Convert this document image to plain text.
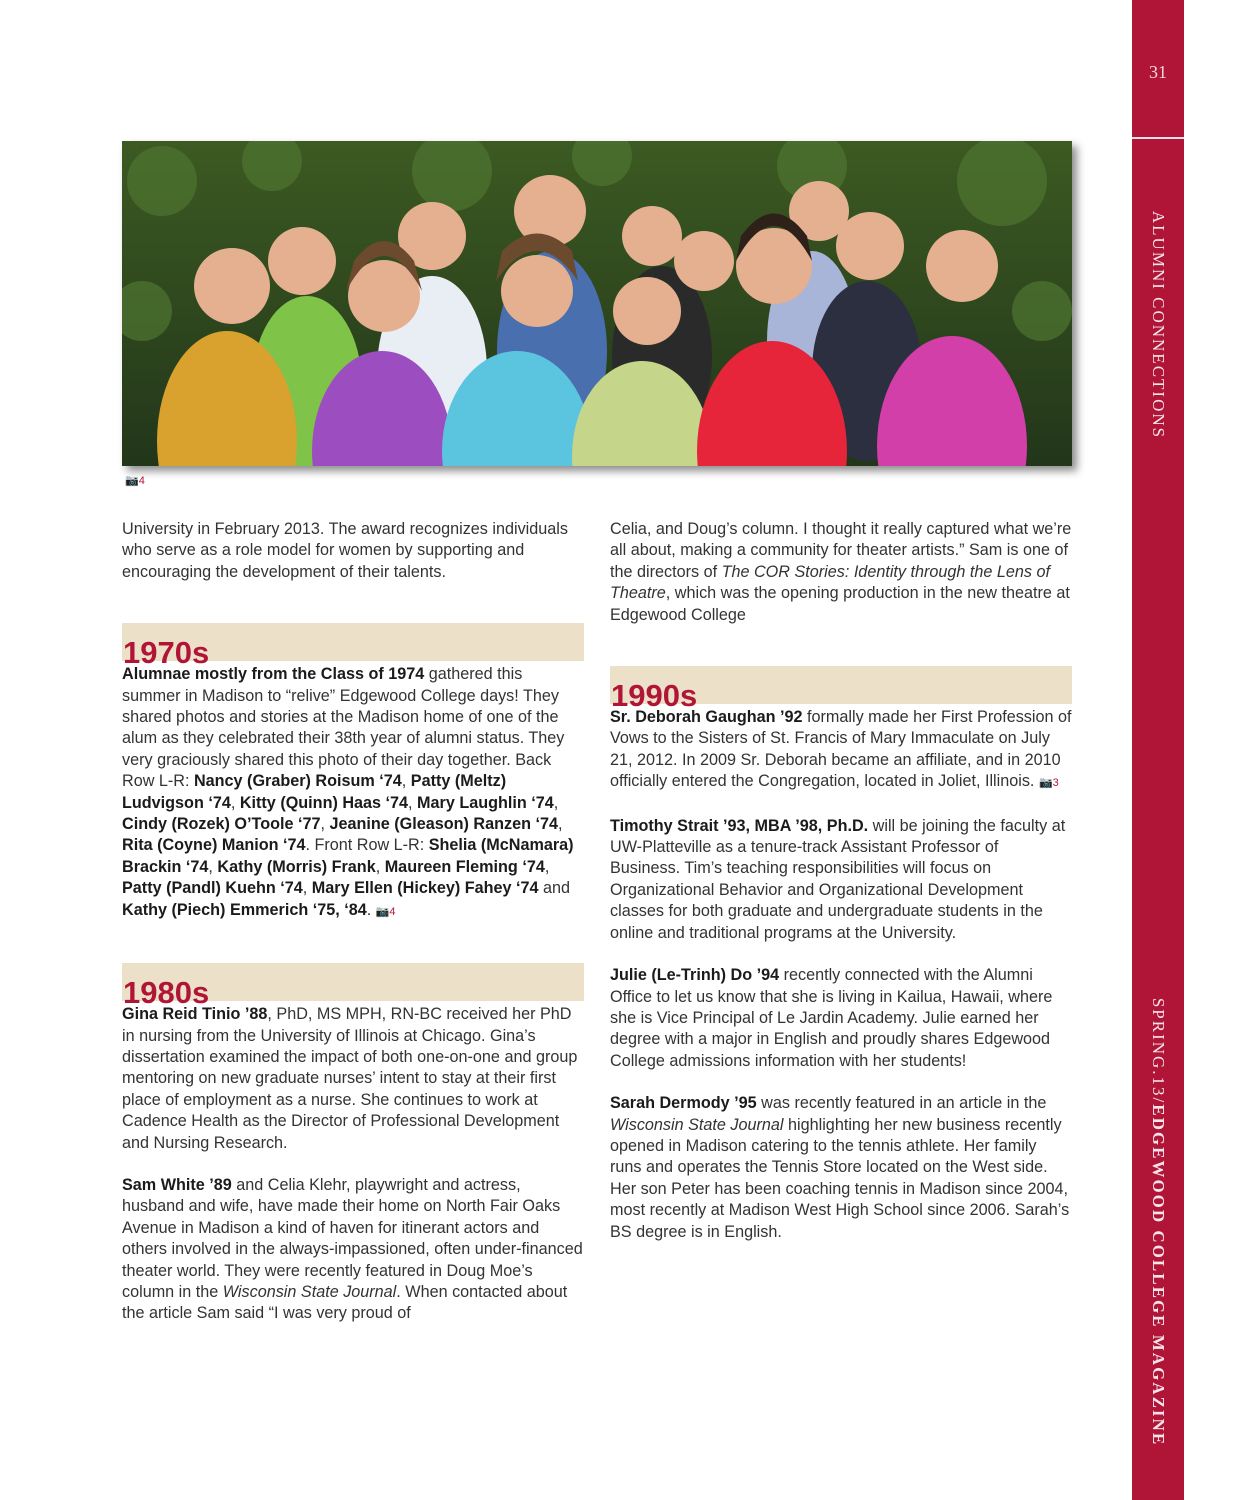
31
ALUMNI CONNECTIONS
SPRING.13/EDGEWOOD COLLEGE MAGAZINE
📷4

University in February 2013. The award recognizes individuals who serve as a role model for women by supporting and encouraging the development of their talents.

1970s

Alumnae mostly from the Class of 1974 gathered this summer in Madison to “relive” Edgewood College days! They shared photos and stories at the Madison home of one of the alum as they celebrated their 38th year of alumni status. They very graciously shared this photo of their day together. Back Row L-R: Nancy (Graber) Roisum ‘74, Patty (Meltz) Ludvigson ‘74, Kitty (Quinn) Haas ‘74, Mary Laughlin ‘74, Cindy (Rozek) O’Toole ‘77, Jeanine (Gleason) Ranzen ‘74, Rita (Coyne) Manion ‘74. Front Row L-R: Shelia (McNamara) Brackin ‘74, Kathy (Morris) Frank, Maureen Fleming ‘74, Patty (Pandl) Kuehn ‘74, Mary Ellen (Hickey) Fahey ‘74 and Kathy (Piech) Emmerich ‘75, ‘84. 📷4

1980s

Gina Reid Tinio ’88, PhD, MS MPH, RN-BC received her PhD in nursing from the University of Illinois at Chicago. Gina’s dissertation examined the impact of both one-on-one and group mentoring on new graduate nurses’ intent to stay at their first place of employment as a nurse. She continues to work at Cadence Health as the Director of Professional Development and Nursing Research.

Sam White ’89 and Celia Klehr, playwright and actress, husband and wife, have made their home on North Fair Oaks Avenue in Madison a kind of haven for itinerant actors and others involved in the always-impassioned, often under-financed theater world. They were recently featured in Doug Moe’s column in the Wisconsin State Journal. When contacted about the article Sam said “I was very proud of

Celia, and Doug’s column. I thought it really captured what we’re all about, making a community for theater artists.” Sam is one of the directors of The COR Stories: Identity through the Lens of Theatre, which was the opening production in the new theatre at Edgewood College

1990s

Sr. Deborah Gaughan ’92 formally made her First Profession of Vows to the Sisters of St. Francis of Mary Immaculate on July 21, 2012. In 2009 Sr. Deborah became an affiliate, and in 2010 officially entered the Congregation, located in Joliet, Illinois. 📷3

Timothy Strait ’93, MBA ’98, Ph.D. will be joining the faculty at UW-Platteville as a tenure-track Assistant Professor of Business. Tim’s teaching responsibilities will focus on Organizational Behavior and Organizational Development classes for both graduate and undergraduate students in the online and traditional programs at the University.

Julie (Le-Trinh) Do ’94 recently connected with the Alumni Office to let us know that she is living in Kailua, Hawaii, where she is Vice Principal of Le Jardin Academy. Julie earned her degree with a major in English and proudly shares Edgewood College admissions information with her students!

Sarah Dermody ’95 was recently featured in an article in the Wisconsin State Journal highlighting her new business recently opened in Madison catering to the tennis athlete. Her family runs and operates the Tennis Store located on the West side. Her son Peter has been coaching tennis in Madison since 2004, most recently at Madison West High School since 2006. Sarah’s BS degree is in English.
